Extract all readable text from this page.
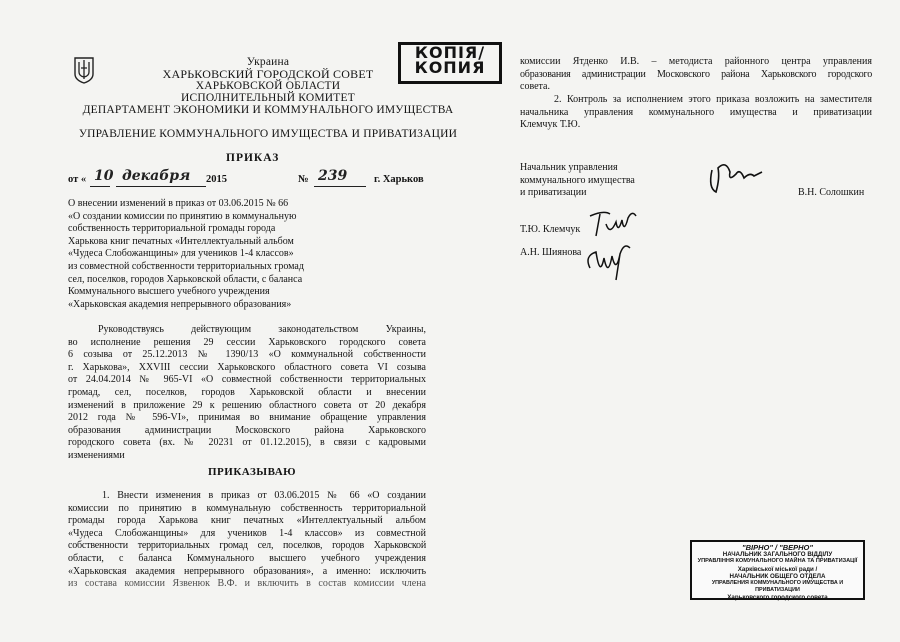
Украина
ХАРЬКОВСКИЙ ГОРОДСКОЙ СОВЕТ
ХАРЬКОВСКОЙ ОБЛАСТИ
ИСПОЛНИТЕЛЬНЫЙ КОМИТЕТ
ДЕПАРТАМЕНТ ЭКОНОМИКИ И КОММУНАЛЬНОГО ИМУЩЕСТВА
УПРАВЛЕНИЕ КОММУНАЛЬНОГО ИМУЩЕСТВА И ПРИВАТИЗАЦИИ
КОПІЯ/
КОПИЯ
ПРИКАЗ
от « 10 декабря 2015	№ 239	г. Харьков
О внесении изменений в приказ от 03.06.2015 № 66
«О создании комиссии по принятию в коммунальную
собственность территориальной громады города
Харькова книг печатных «Интеллектуальный альбом
«Чудеса Слобожанщины» для учеников 1-4 классов»
из совместной собственности территориальных громад
сел, поселков, городов Харьковской области, с баланса
Коммунального высшего учебного учреждения
«Харьковская академия непрерывного образования»
Руководствуясь действующим законодательством Украины,
во исполнение решения 29 сессии Харьковского городского совета
6 созыва от 25.12.2013 № 1390/13 «О коммунальной собственности
г. Харькова», XXVIII сессии Харьковского областного совета VI созыва
от 24.04.2014 № 965-VI «О совместной собственности территориальных
громад, сел, поселков, городов Харьковской области и внесении
изменений в приложение 29 к решению областного совета от 20 декабря
2012 года № 596-VI», принимая во внимание обращение управления
образования администрации Московского района Харьковского
городского совета (вх. № 20231 от 01.12.2015), в связи с кадровыми
изменениями
ПРИКАЗЫВАЮ
1. Внести изменения в приказ от 03.06.2015 № 66 «О создании
комиссии по принятию в коммунальную собственность территориальной
громады города Харькова книг печатных «Интеллектуальный альбом
«Чудеса Слобожанщины» для учеников 1-4 классов» из совместной
собственности территориальных громад сел, поселков, городов Харьковской
области, с баланса Коммунального высшего учебного учреждения
«Харьковская академия непрерывного образования», а именно: исключить
из состава комиссии Язвенюк В.Ф. и включить в состав комиссии члена
комиссии Ятденко И.В. – методиста районного центра управления
образования администрации Московского района Харьковского городского
совета.
2. Контроль за исполнением этого приказа возложить на заместителя
начальника управления коммунального имущества и приватизации
Клемчук Т.Ю.
Начальник управления
коммунального имущества
и приватизации	В.Н. Солошкин
Т.Ю. Клемчук
А.Н. Шиянова
"ВІРНО" / "ВЕРНО"
НАЧАЛЬНИК ЗАГАЛЬНОГО ВІДДІЛУ
УПРАВЛІННЯ КОМУНАЛЬНОГО МАЙНА ТА ПРИВАТИЗАЦІЇ
Харківської міської ради /
НАЧАЛЬНИК ОБЩЕГО ОТДЕЛА
УПРАВЛЕНИЯ КОММУНАЛЬНОГО ИМУЩЕСТВА И ПРИВАТИЗАЦИИ
Харьковского городского совета
